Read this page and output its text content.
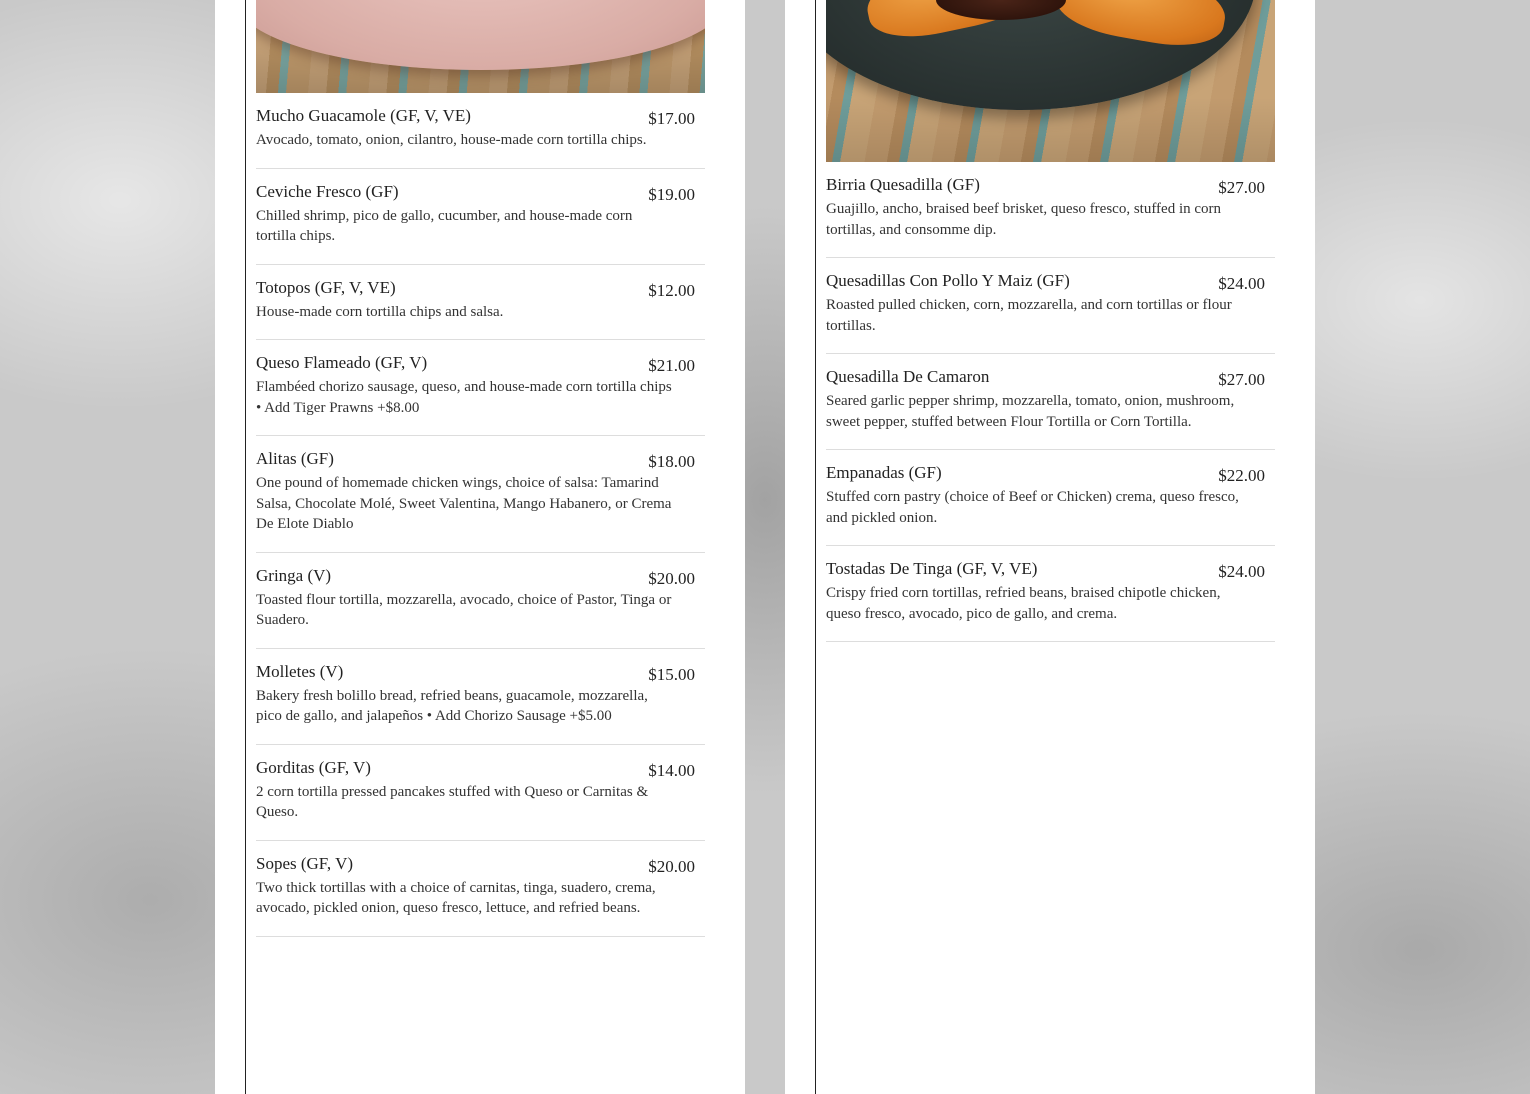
Mucho Guacamole (GF, V, VE)	$17.00
Avocado, tomato, onion, cilantro, house-made corn tortilla chips.
Ceviche Fresco (GF)	$19.00
Chilled shrimp, pico de gallo, cucumber, and house-made corn tortilla chips.
Totopos (GF, V, VE)	$12.00
House-made corn tortilla chips and salsa.
Queso Flameado (GF, V)	$21.00
Flambéed chorizo sausage, queso, and house-made corn tortilla chips • Add Tiger Prawns +$8.00
Alitas (GF)	$18.00
One pound of homemade chicken wings, choice of salsa: Tamarind Salsa, Chocolate Molé, Sweet Valentina, Mango Habanero, or Crema De Elote Diablo
Gringa (V)	$20.00
Toasted flour tortilla, mozzarella, avocado, choice of Pastor, Tinga or Suadero.
Molletes (V)	$15.00
Bakery fresh bolillo bread, refried beans, guacamole, mozzarella, pico de gallo, and jalapeños • Add Chorizo Sausage +$5.00
Gorditas (GF, V)	$14.00
2 corn tortilla pressed pancakes stuffed with Queso or Carnitas & Queso.
Sopes (GF, V)	$20.00
Two thick tortillas with a choice of carnitas, tinga, suadero, crema, avocado, pickled onion, queso fresco, lettuce, and refried beans.
Birria Quesadilla (GF)	$27.00
Guajillo, ancho, braised beef brisket, queso fresco, stuffed in corn tortillas, and consomme dip.
Quesadillas Con Pollo Y Maiz (GF)	$24.00
Roasted pulled chicken, corn, mozzarella, and corn tortillas or flour tortillas.
Quesadilla De Camaron	$27.00
Seared garlic pepper shrimp, mozzarella, tomato, onion, mushroom, sweet pepper, stuffed between Flour Tortilla or Corn Tortilla.
Empanadas (GF)	$22.00
Stuffed corn pastry (choice of Beef or Chicken) crema, queso fresco, and pickled onion.
Tostadas De Tinga (GF, V, VE)	$24.00
Crispy fried corn tortillas, refried beans, braised chipotle chicken, queso fresco, avocado, pico de gallo, and crema.
